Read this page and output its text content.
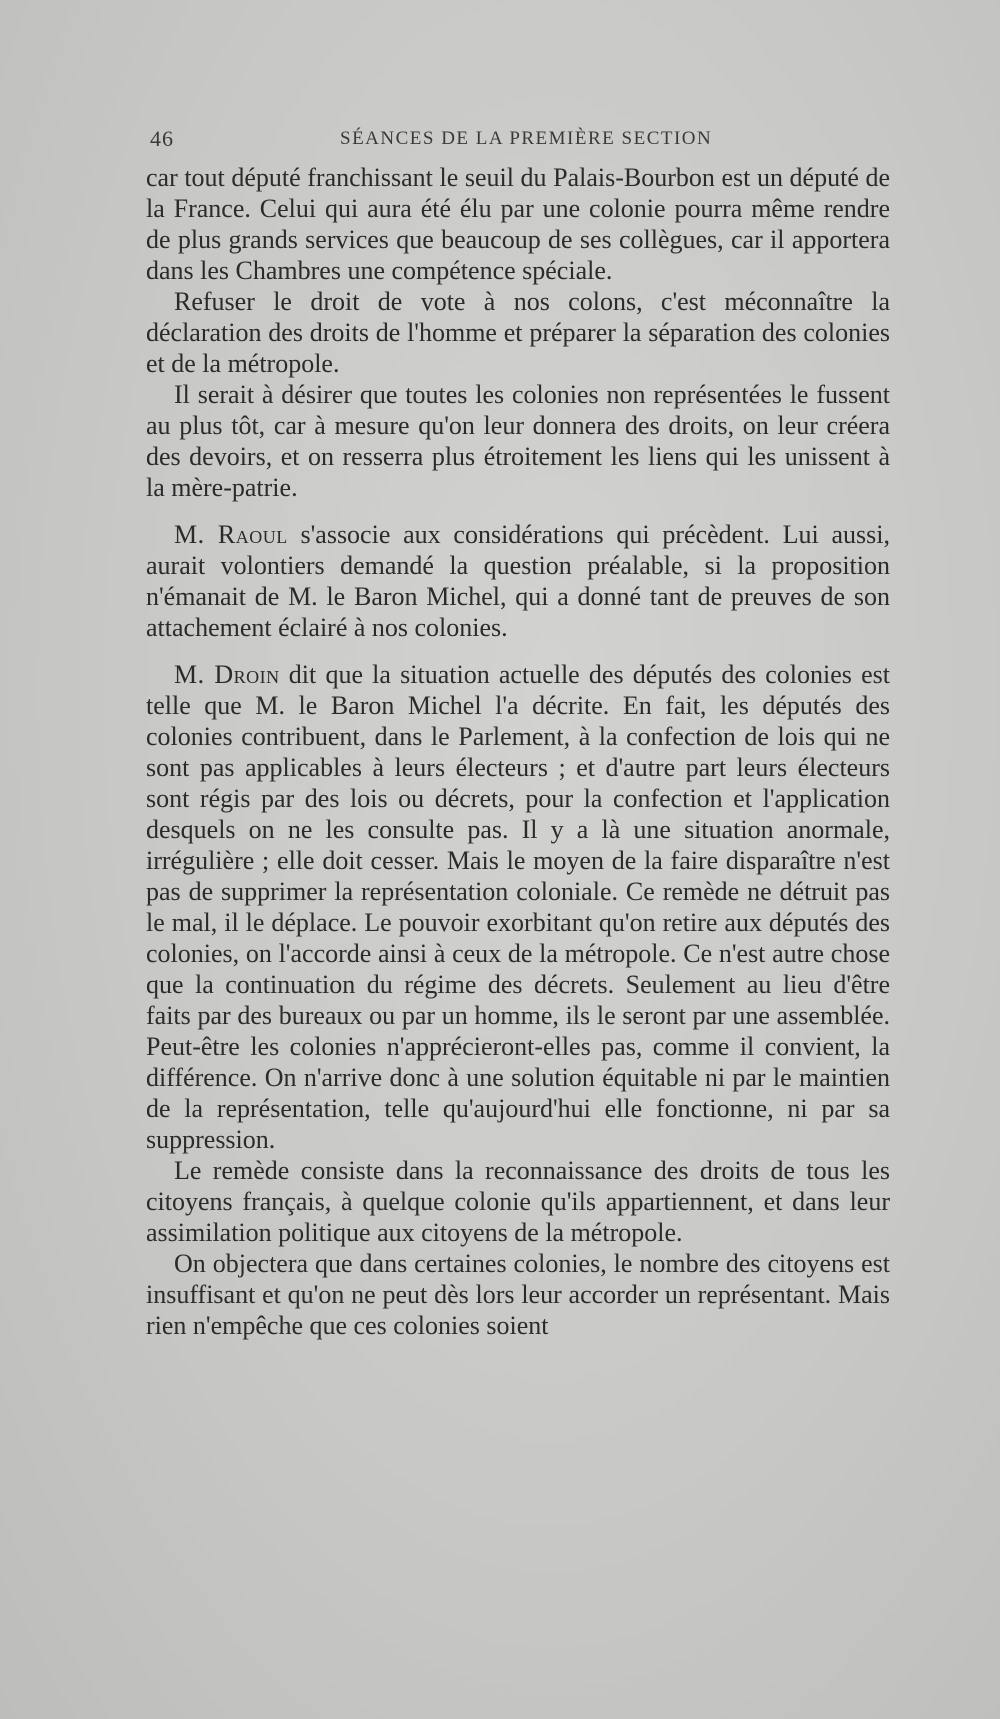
46	SÉANCES DE LA PREMIÈRE SECTION

car tout député franchissant le seuil du Palais-Bourbon est un député de la France. Celui qui aura été élu par une colonie pourra même rendre de plus grands services que beaucoup de ses collègues, car il apportera dans les Chambres une compétence spéciale.

Refuser le droit de vote à nos colons, c'est méconnaître la déclaration des droits de l'homme et préparer la séparation des colonies et de la métropole.

Il serait à désirer que toutes les colonies non représentées le fussent au plus tôt, car à mesure qu'on leur donnera des droits, on leur créera des devoirs, et on resserra plus étroitement les liens qui les unissent à la mère-patrie.

M. Raoul s'associe aux considérations qui précèdent. Lui aussi, aurait volontiers demandé la question préalable, si la proposition n'émanait de M. le Baron Michel, qui a donné tant de preuves de son attachement éclairé à nos colonies.

M. Droin dit que la situation actuelle des députés des colonies est telle que M. le Baron Michel l'a décrite. En fait, les députés des colonies contribuent, dans le Parlement, à la confection de lois qui ne sont pas applicables à leurs électeurs ; et d'autre part leurs électeurs sont régis par des lois ou décrets, pour la confection et l'application desquels on ne les consulte pas. Il y a là une situation anormale, irrégulière ; elle doit cesser. Mais le moyen de la faire disparaître n'est pas de supprimer la représentation coloniale. Ce remède ne détruit pas le mal, il le déplace. Le pouvoir exorbitant qu'on retire aux députés des colonies, on l'accorde ainsi à ceux de la métropole. Ce n'est autre chose que la continuation du régime des décrets. Seulement au lieu d'être faits par des bureaux ou par un homme, ils le seront par une assemblée. Peut-être les colonies n'apprécieront-elles pas, comme il convient, la différence. On n'arrive donc à une solution équitable ni par le maintien de la représentation, telle qu'aujourd'hui elle fonctionne, ni par sa suppression.

Le remède consiste dans la reconnaissance des droits de tous les citoyens français, à quelque colonie qu'ils appartiennent, et dans leur assimilation politique aux citoyens de la métropole.

On objectera que dans certaines colonies, le nombre des citoyens est insuffisant et qu'on ne peut dès lors leur accorder un représentant. Mais rien n'empêche que ces colonies soient
